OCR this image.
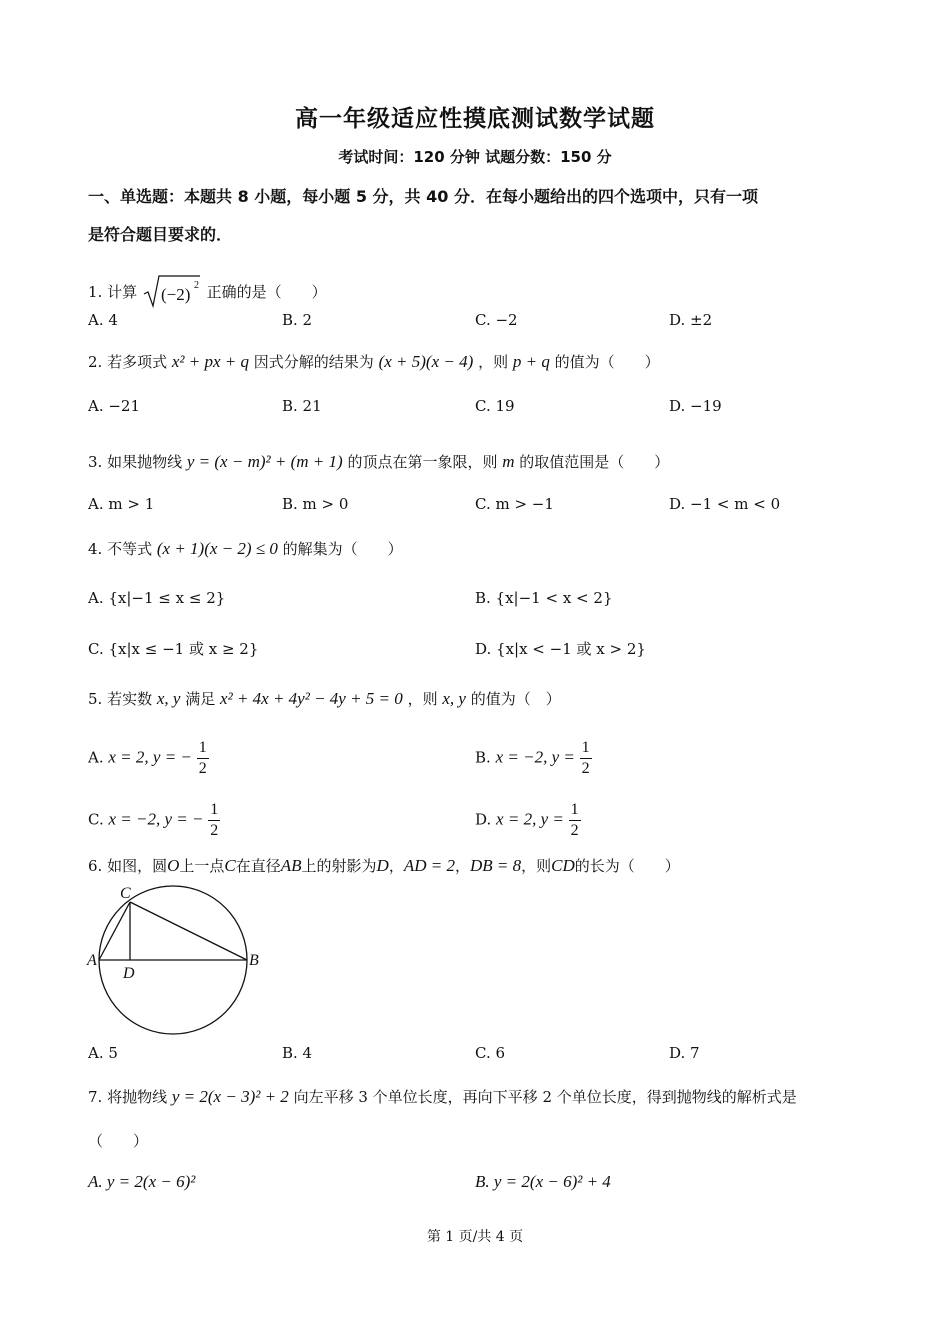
高一年级适应性摸底测试数学试题
考试时间：120 分钟 试题分数：150 分
一、单选题：本题共 8 小题，每小题 5 分，共 40 分．在每小题给出的四个选项中，只有一项
是符合题目要求的．
1. 计算 (−2) 2 正确的是（　　）
A. 4	B. 2	C. −2	D. ±2
2. 若多项式 x² + px + q 因式分解的结果为 (x + 5)(x − 4) ，则 p + q 的值为（　　）
A. −21	B. 21	C. 19	D. −19
3. 如果抛物线 y = (x − m)² + (m + 1) 的顶点在第一象限，则 m 的取值范围是（　　）
A. m > 1	B. m > 0	C. m > −1	D. −1 < m < 0
4. 不等式 (x + 1)(x − 2) ≤ 0 的解集为（　　）
A. {x|−1 ≤ x ≤ 2}	B. {x|−1 < x < 2}
C. {x|x ≤ −1 或 x ≥ 2}	D. {x|x < −1 或 x > 2}
5. 若实数 x, y 满足 x² + 4x + 4y² − 4y + 5 = 0 ，则 x, y 的值为（　）
A. x = 2, y = − $\frac{1}{2}$	B. x = −2, $y = \frac{1}{2}$
C. x = −2, y = − $\frac{1}{2}$	D. x = 2, $y = \frac{1}{2}$
6. 如图，圆O上一点C在直径AB上的射影为D，AD = 2，DB = 8，则CD的长为（　　）
A	B
C
D
A. 5	B. 4	C. 6	D. 7
7. 将抛物线 y = 2(x − 3)² + 2 向左平移 3 个单位长度，再向下平移 2 个单位长度，得到抛物线的解析式是
（　　）
A. y = 2(x − 6)²	B. y = 2(x − 6)² + 4
第 1 页/共 4 页
